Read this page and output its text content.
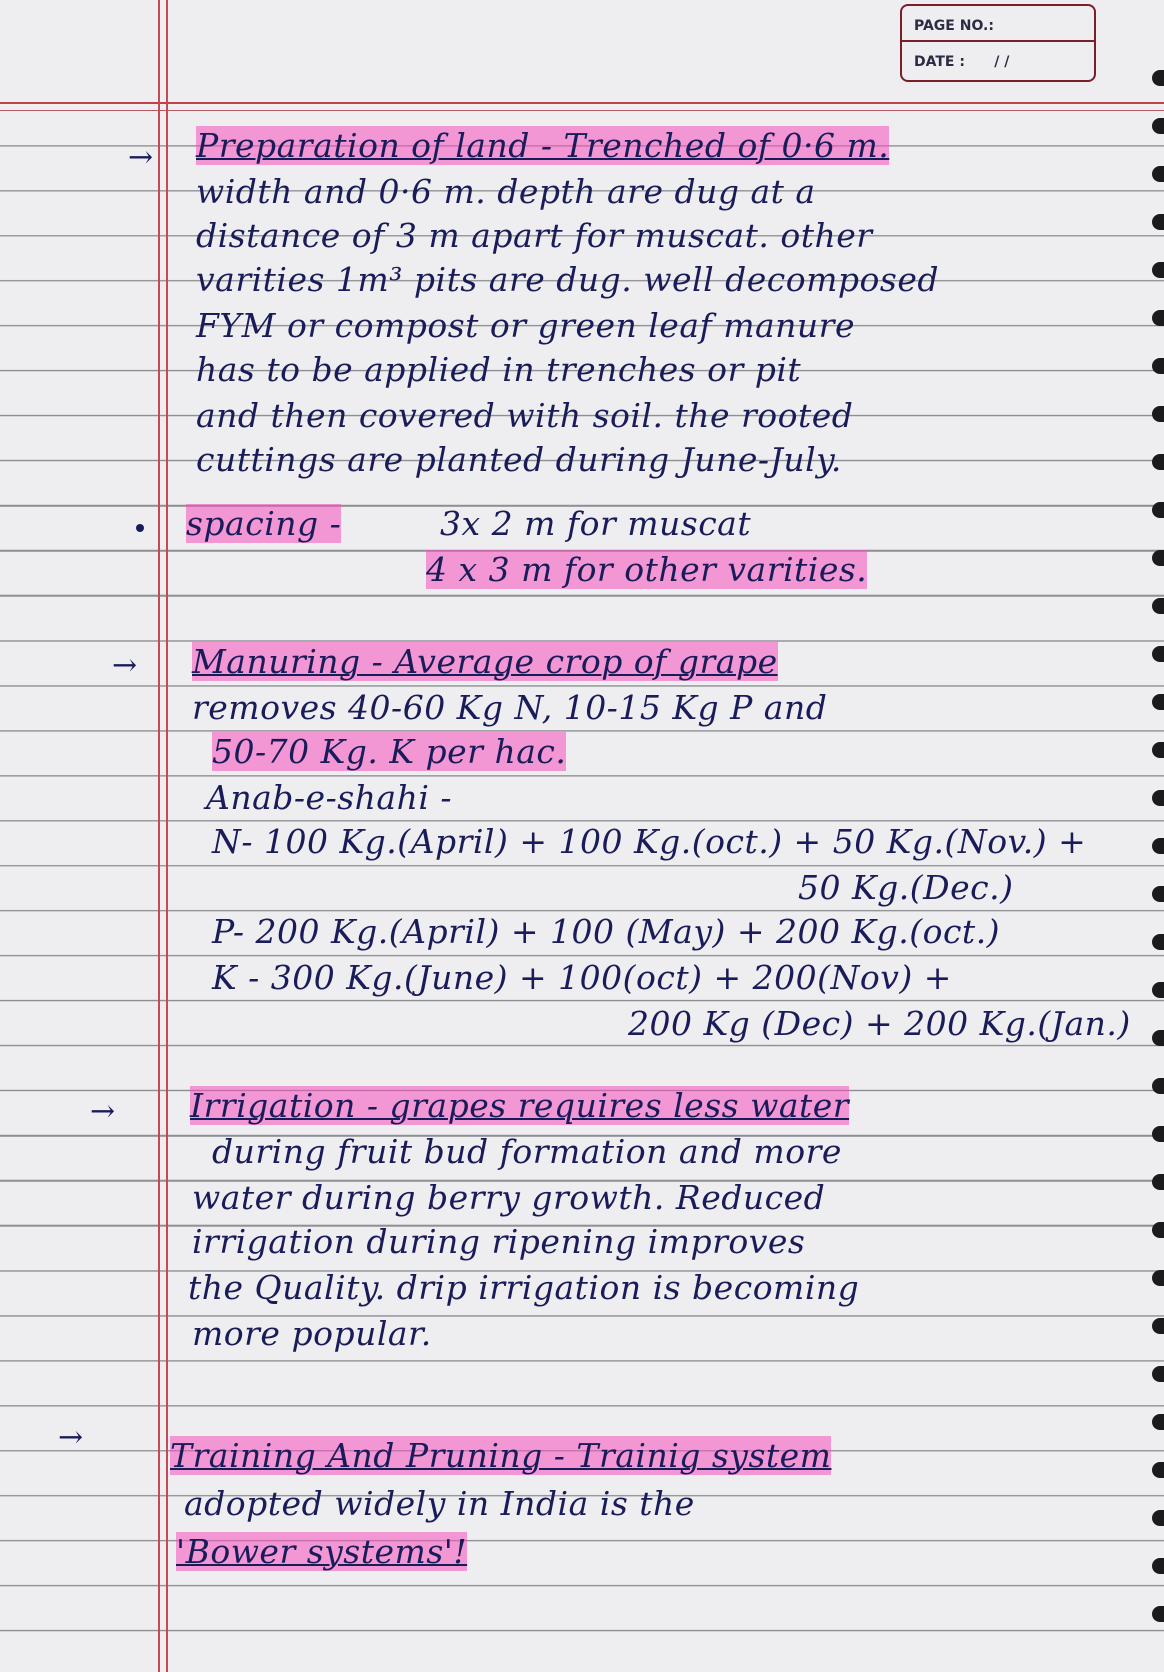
PAGE NO.:
DATE : / /
→ Preparation of land - Trenched of 0·6 m.
width and 0·6 m. depth are dug at a
distance of 3 m apart for muscat. other
varities 1m³ pits are dug. well decomposed
FYM or compost or green leaf manure
has to be applied in trenches or pit
and then covered with soil. the rooted
cuttings are planted during June-July.
spacing -	3x 2 m for muscat
4 x 3 m for other varities.
→ Manuring - Average crop of grape
removes 40-60 Kg N, 10-15 Kg P and
50-70 Kg. K per hac.
Anab-e-shahi -
N- 100 Kg.(April) + 100 Kg.(oct.) + 50 Kg.(Nov.) +
50 Kg.(Dec.)
P- 200 Kg.(April) + 100 (May) + 200 Kg.(oct.)
K - 300 Kg.(June) + 100(oct) + 200(Nov) +
200 Kg (Dec) + 200 Kg.(Jan.)
→ Irrigation - grapes requires less water
during fruit bud formation and more
water during berry growth. Reduced
irrigation during ripening improves
the Quality. drip irrigation is becoming
more popular.
→	Training And Pruning - Trainig system
adopted widely in India is the
'Bower systems'!
